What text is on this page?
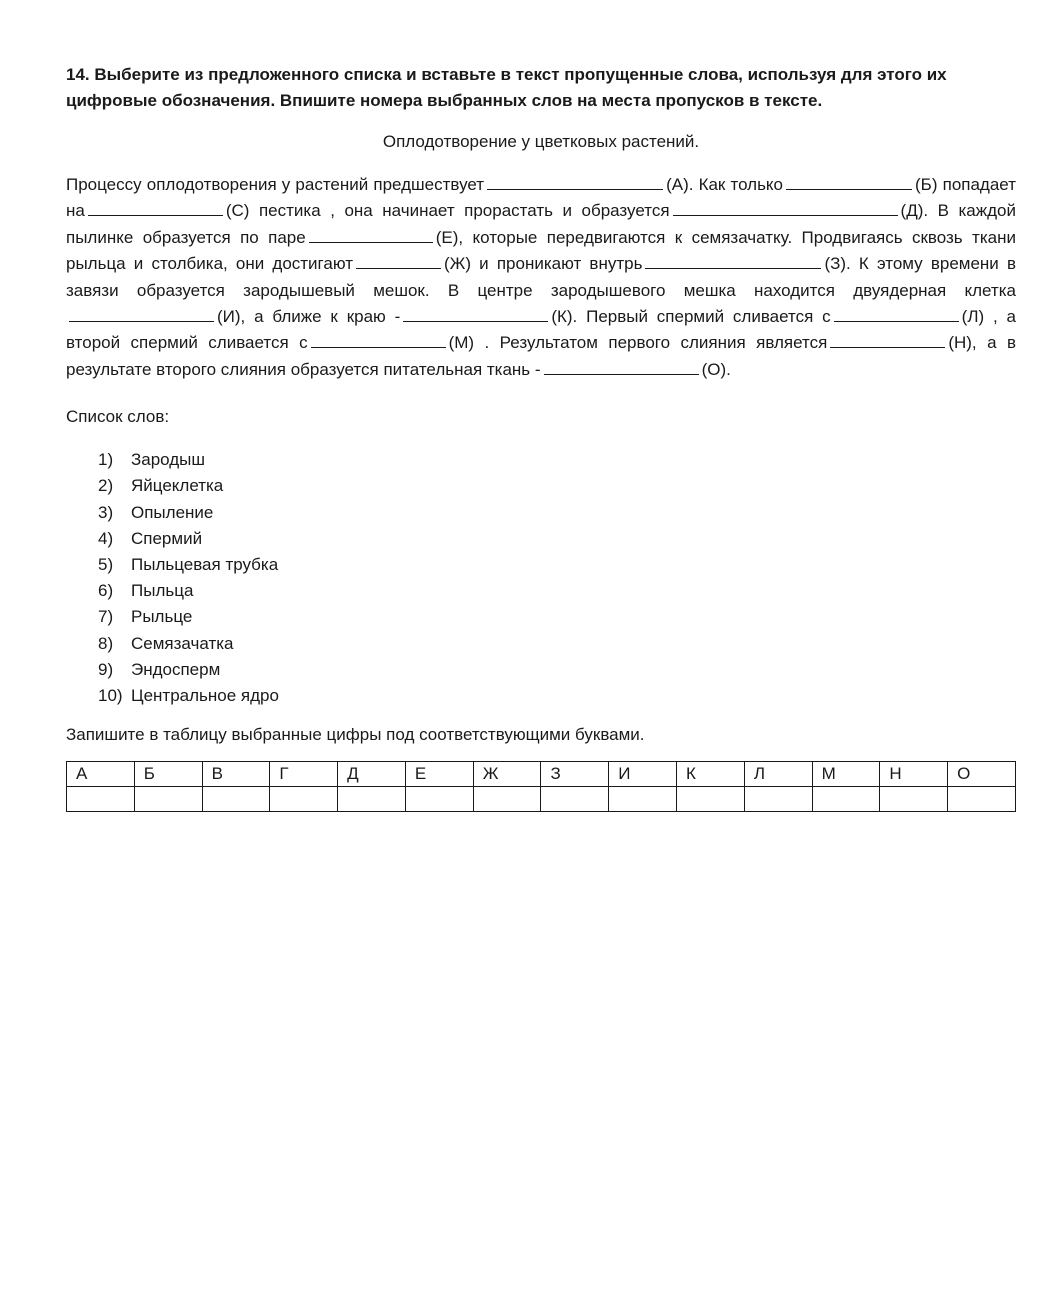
14. Выберите из предложенного списка и вставьте в текст пропущенные слова, используя для этого их цифровые обозначения. Впишите номера выбранных слов на места пропусков в тексте.

Оплодотворение у цветковых растений.

Процессу оплодотворения у растений предшествует	(А). Как только	(Б) попадает на	(С) пестика , она начинает прорастать и образуется	(Д). В каждой пылинке образуется по паре	(Е), которые передвигаются к семязачатку. Продвигаясь сквозь ткани рыльца и столбика, они достигают	(Ж) и проникают внутрь	(З). К этому времени в завязи образуется зародышевый мешок. В центре зародышевого мешка находится двуядерная клетка(И), а ближе к краю -	(К). Первый спермий сливается с	(Л) , а второй спермий сливается с	(М) . Результатом первого слияния является	(Н), а в результате второго слияния образуется питательная ткань -	(О).

Список слов:

1)	Зародыш
2)	Яйцеклетка
3)	Опыление
4)	Спермий
5)	Пыльцевая трубка
6)	Пыльца
7)	Рыльце
8)	Семязачатка
9)	Эндосперм
10) Центральное ядро

Запишите в таблицу выбранные цифры под соответствующими буквами.

А	Б	В	Г	Д	Е	Ж	З	И	К	Л	М	Н	О
